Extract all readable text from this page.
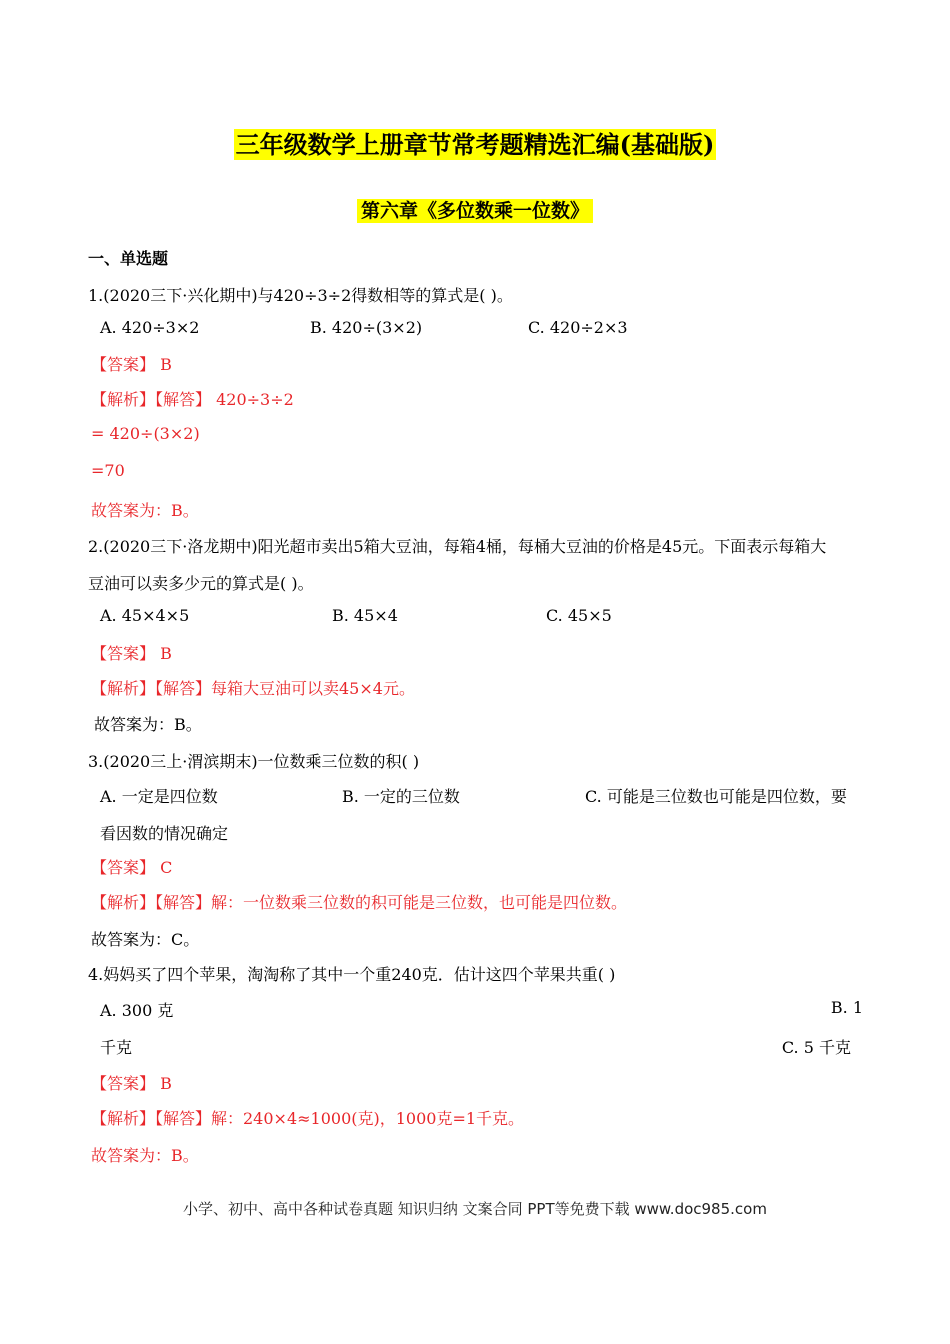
三年级数学上册章节常考题精选汇编(基础版)
第六章《多位数乘一位数》
一、单选题
1.(2020三下·兴化期中)与420÷3÷2得数相等的算式是( )。
A. 420÷3×2	B. 420÷(3×2)	C. 420÷2×3
【答案】 B
【解析】【解答】 420÷3÷2
= 420÷(3×2)
=70
故答案为：B。
2.(2020三下·洛龙期中)阳光超市卖出5箱大豆油，每箱4桶，每桶大豆油的价格是45元。下面表示每箱大
豆油可以卖多少元的算式是( )。
A. 45×4×5	B. 45×4	C. 45×5
【答案】 B
【解析】【解答】每箱大豆油可以卖45×4元。
故答案为：B。
3.(2020三上·渭滨期末)一位数乘三位数的积( )
A. 一定是四位数	B. 一定的三位数	C. 可能是三位数也可能是四位数，要
看因数的情况确定
【答案】 C
【解析】【解答】解：一位数乘三位数的积可能是三位数，也可能是四位数。
故答案为：C。
4.妈妈买了四个苹果，淘淘称了其中一个重240克．估计这四个苹果共重( )
A. 300 克	B. 1
千克	C. 5 千克
【答案】 B
【解析】【解答】解：240×4≈1000(克)，1000克=1千克。
故答案为：B。
小学、初中、高中各种试卷真题 知识归纳 文案合同 PPT等免费下载 www.doc985.com
